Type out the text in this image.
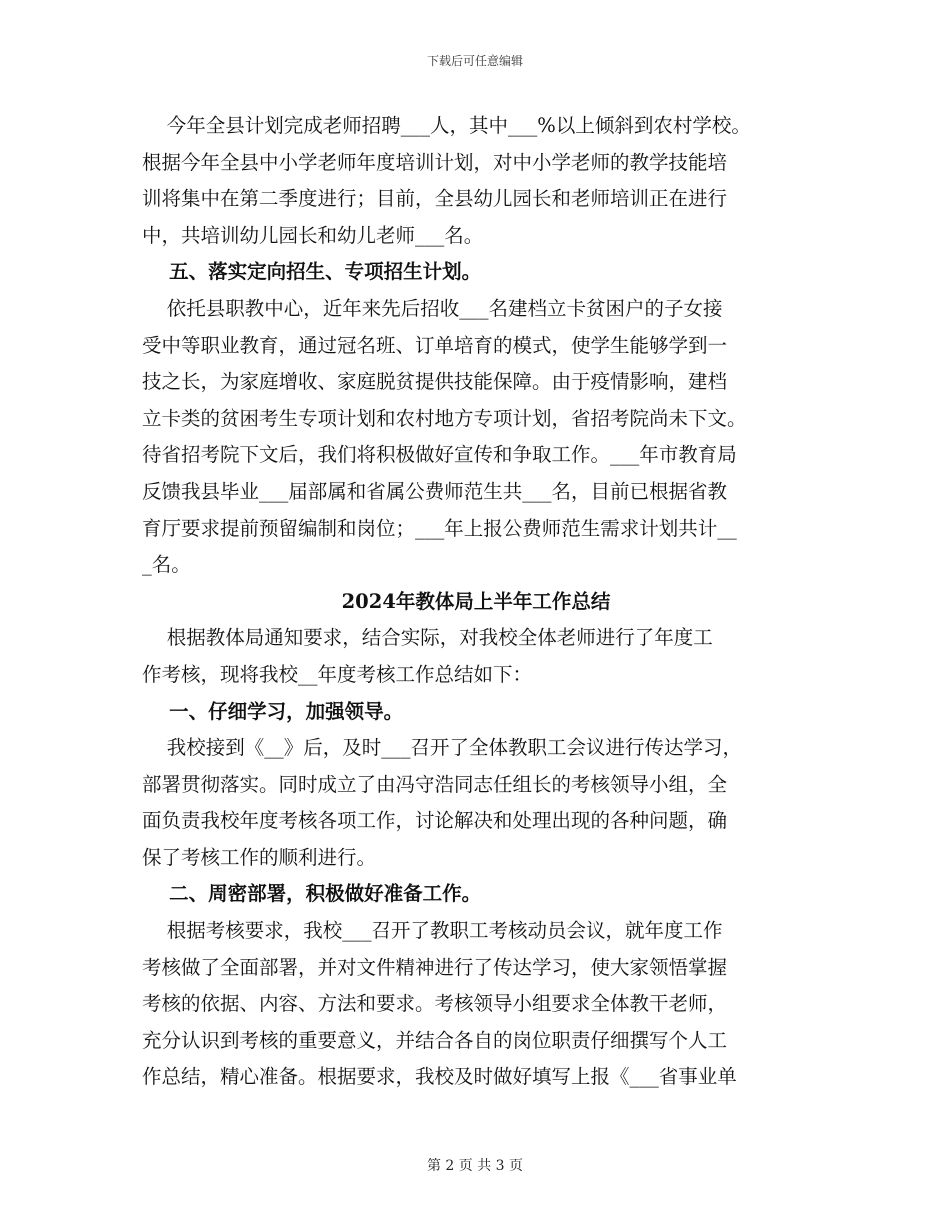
下载后可任意编辑
今年全县计划完成老师招聘___人，其中___%以上倾斜到农村学校。
根据今年全县中小学老师年度培训计划，对中小学老师的教学技能培
训将集中在第二季度进行；目前，全县幼儿园长和老师培训正在进行
中，共培训幼儿园长和幼儿老师___名。
五、落实定向招生、专项招生计划。
依托县职教中心，近年来先后招收___名建档立卡贫困户的子女接
受中等职业教育，通过冠名班、订单培育的模式，使学生能够学到一
技之长，为家庭增收、家庭脱贫提供技能保障。由于疫情影响，建档
立卡类的贫困考生专项计划和农村地方专项计划，省招考院尚未下文。
待省招考院下文后，我们将积极做好宣传和争取工作。___年市教育局
反馈我县毕业___届部属和省属公费师范生共___名，目前已根据省教
育厅要求提前预留编制和岗位；___年上报公费师范生需求计划共计__
_名。
2024年教体局上半年工作总结
根据教体局通知要求，结合实际，对我校全体老师进行了年度工
作考核，现将我校__年度考核工作总结如下：
一、仔细学习，加强领导。
我校接到《__》后，及时___召开了全体教职工会议进行传达学习，
部署贯彻落实。同时成立了由冯守浩同志任组长的考核领导小组，全
面负责我校年度考核各项工作，讨论解决和处理出现的各种问题，确
保了考核工作的顺利进行。
二、周密部署，积极做好准备工作。
根据考核要求，我校___召开了教职工考核动员会议，就年度工作
考核做了全面部署，并对文件精神进行了传达学习，使大家领悟掌握
考核的依据、内容、方法和要求。考核领导小组要求全体教干老师，
充分认识到考核的重要意义，并结合各自的岗位职责仔细撰写个人工
作总结，精心准备。根据要求，我校及时做好填写上报《___省事业单
第 2 页 共 3 页
